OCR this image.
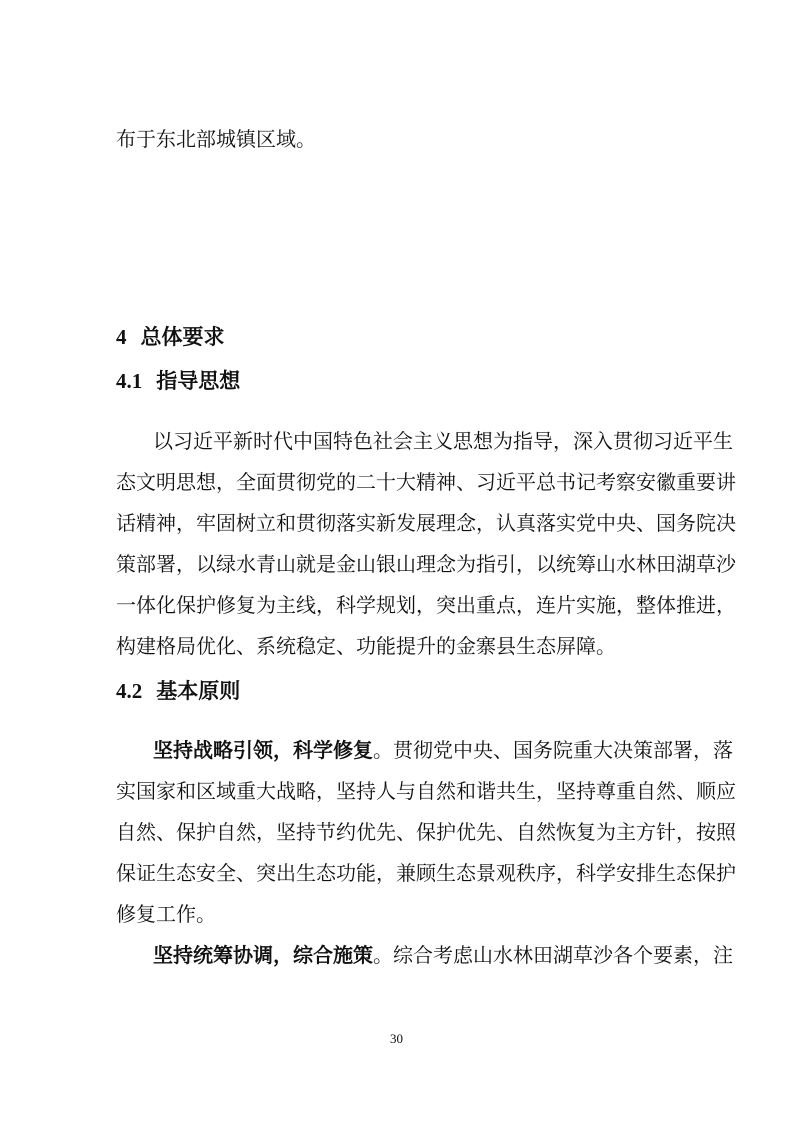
布于东北部城镇区域。
4 总体要求
4.1 指导思想
以习近平新时代中国特色社会主义思想为指导，深入贯彻习近平生
态文明思想，全面贯彻党的二十大精神、习近平总书记考察安徽重要讲
话精神，牢固树立和贯彻落实新发展理念，认真落实党中央、国务院决
策部署，以绿水青山就是金山银山理念为指引，以统筹山水林田湖草沙
一体化保护修复为主线，科学规划，突出重点，连片实施，整体推进，
构建格局优化、系统稳定、功能提升的金寨县生态屏障。
4.2 基本原则
坚持战略引领，科学修复。贯彻党中央、国务院重大决策部署，落
实国家和区域重大战略，坚持人与自然和谐共生，坚持尊重自然、顺应
自然、保护自然，坚持节约优先、保护优先、自然恢复为主方针，按照
保证生态安全、突出生态功能，兼顾生态景观秩序，科学安排生态保护
修复工作。
坚持统筹协调，综合施策。综合考虑山水林田湖草沙各个要素，注
30
